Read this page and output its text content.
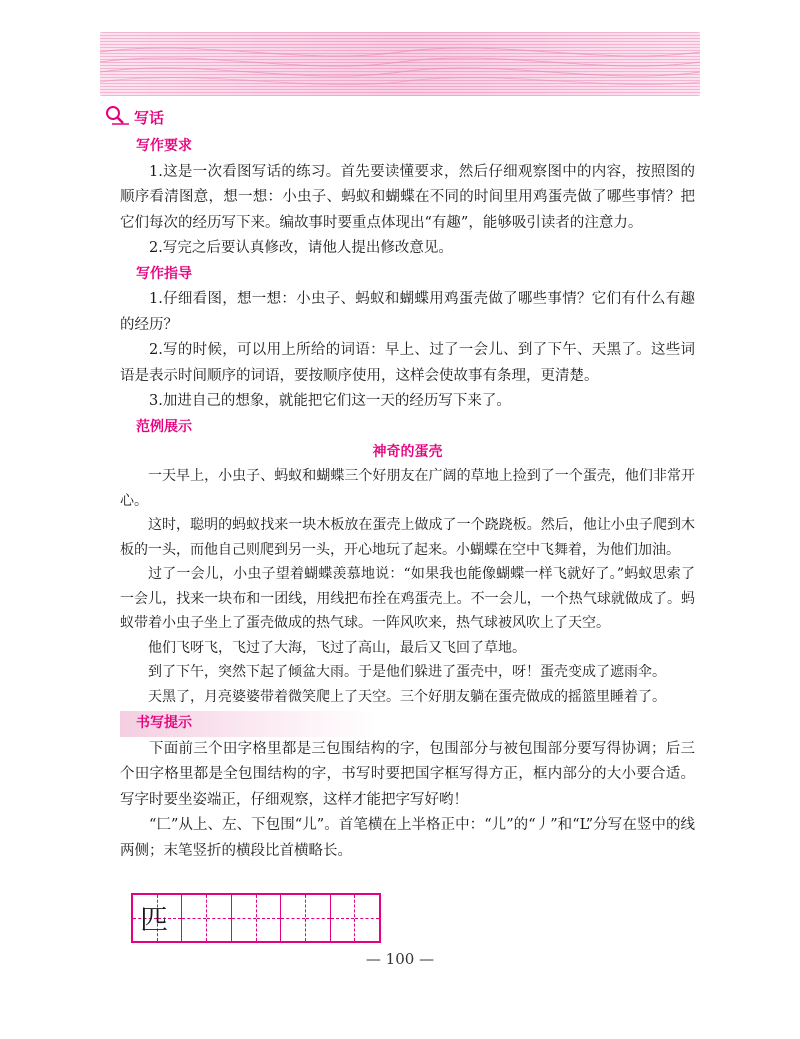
写话
写作要求

1.这是一次看图写话的练习。首先要读懂要求，然后仔细观察图中的内容，按照图的顺序看清图意，想一想：小虫子、蚂蚁和蝴蝶在不同的时间里用鸡蛋壳做了哪些事情？把它们每次的经历写下来。编故事时要重点体现出“有趣”，能够吸引读者的注意力。

2.写完之后要认真修改，请他人提出修改意见。

写作指导

1.仔细看图，想一想：小虫子、蚂蚁和蝴蝶用鸡蛋壳做了哪些事情？它们有什么有趣的经历？

2.写的时候，可以用上所给的词语：早上、过了一会儿、到了下午、天黑了。这些词语是表示时间顺序的词语，要按顺序使用，这样会使故事有条理，更清楚。

3.加进自己的想象，就能把它们这一天的经历写下来了。

范例展示
神奇的蛋壳

一天早上，小虫子、蚂蚁和蝴蝶三个好朋友在广阔的草地上捡到了一个蛋壳，他们非常开心。

这时，聪明的蚂蚁找来一块木板放在蛋壳上做成了一个跷跷板。然后，他让小虫子爬到木板的一头，而他自己则爬到另一头，开心地玩了起来。小蝴蝶在空中飞舞着，为他们加油。

过了一会儿，小虫子望着蝴蝶羡慕地说：“如果我也能像蝴蝶一样飞就好了。”蚂蚁思索了一会儿，找来一块布和一团线，用线把布拴在鸡蛋壳上。不一会儿，一个热气球就做成了。蚂蚁带着小虫子坐上了蛋壳做成的热气球。一阵风吹来，热气球被风吹上了天空。

他们飞呀飞，飞过了大海，飞过了高山，最后又飞回了草地。

到了下午，突然下起了倾盆大雨。于是他们躲进了蛋壳中，呀！蛋壳变成了遮雨伞。

天黑了，月亮婆婆带着微笑爬上了天空。三个好朋友躺在蛋壳做成的摇篮里睡着了。

书写提示

下面前三个田字格里都是三包围结构的字，包围部分与被包围部分要写得协调；后三个田字格里都是全包围结构的字，书写时要把国字框写得方正，框内部分的大小要合适。写字时要坐姿端正，仔细观察，这样才能把字写好哟！

“匚”从上、左、下包围“儿”。首笔横在上半格正中：“儿”的“丿”和“L”分写在竖中的线两侧；末笔竖折的横段比首横略长。

匹
— 100 —
